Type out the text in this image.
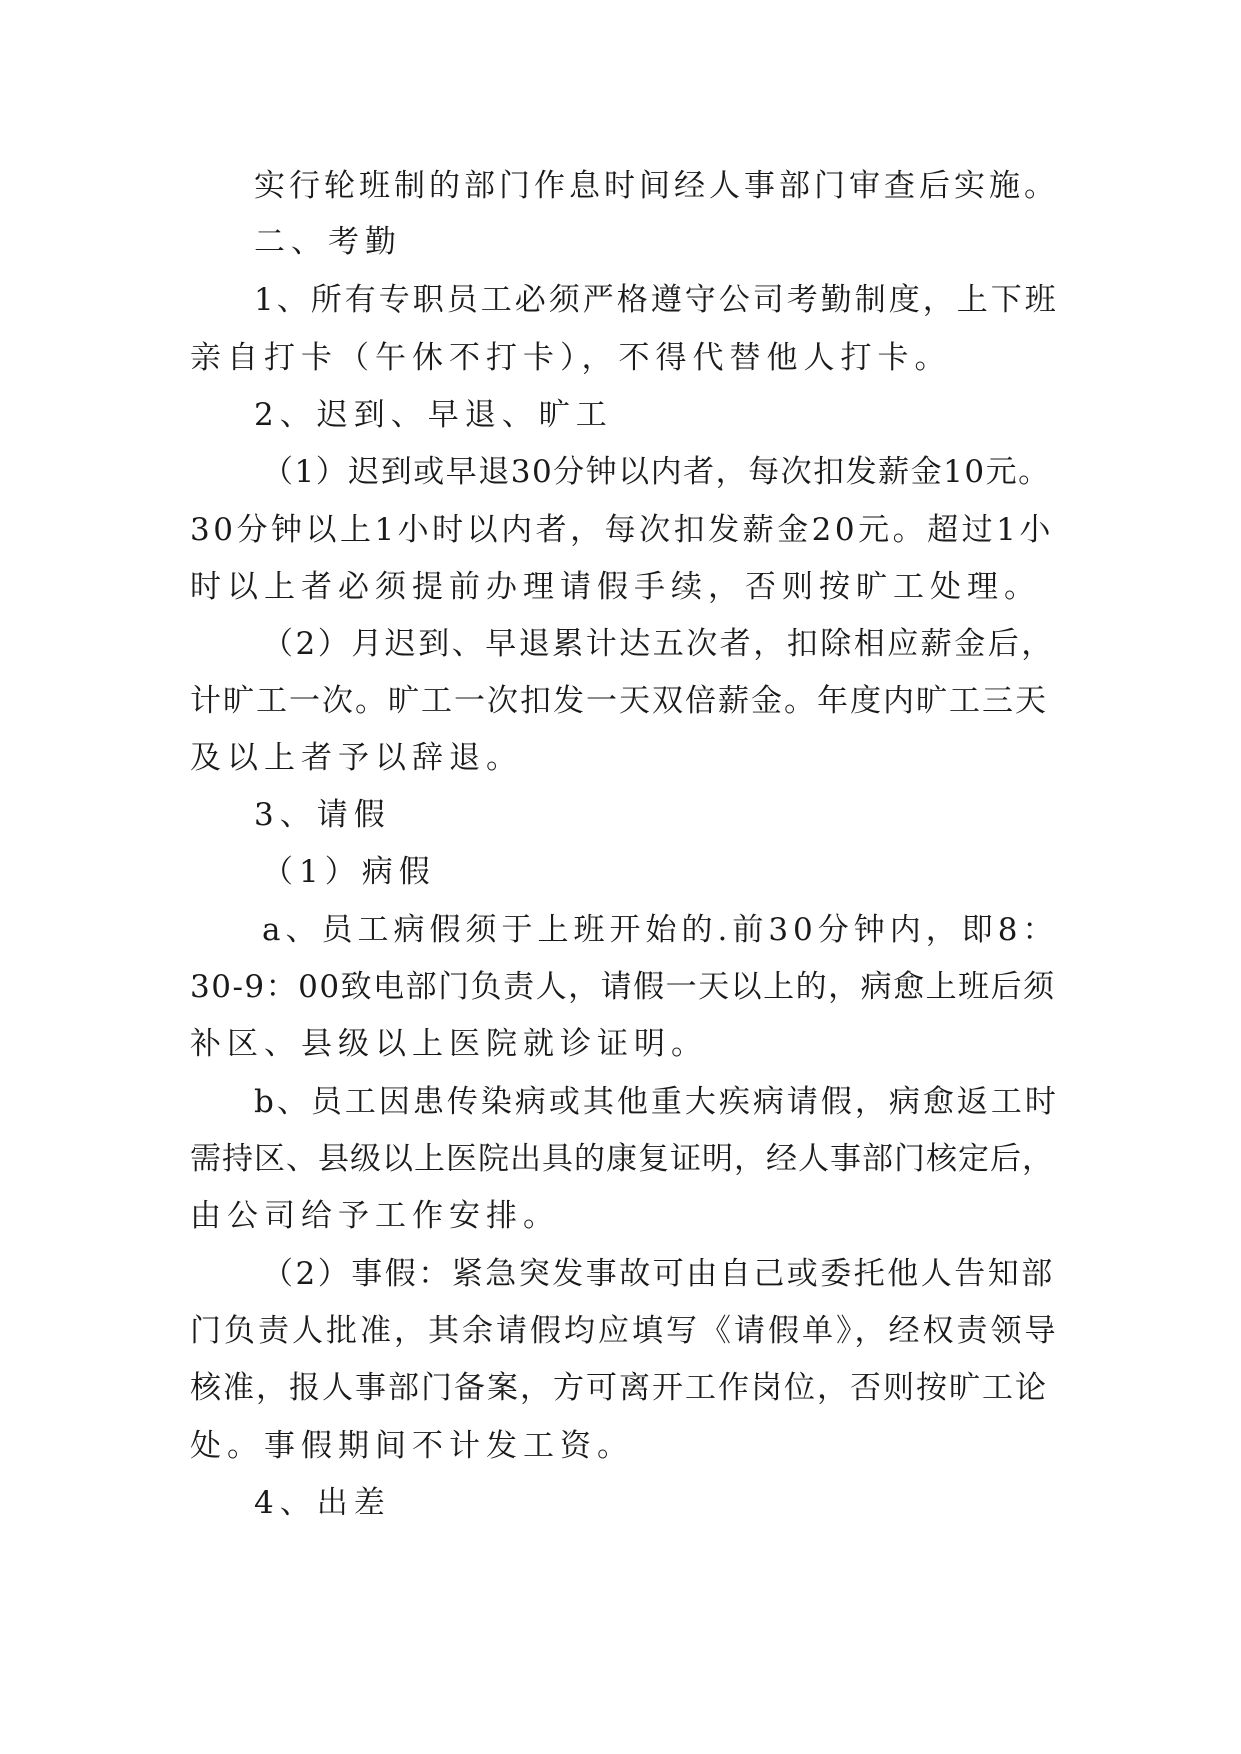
实行轮班制的部门作息时间经人事部门审查后实施。

二、考勤

1、所有专职员工必须严格遵守公司考勤制度，上下班

亲自打卡（午休不打卡），不得代替他人打卡。

2、迟到、早退、旷工

（1）迟到或早退30分钟以内者，每次扣发薪金10元。

30分钟以上1小时以内者，每次扣发薪金20元。超过1小

时以上者必须提前办理请假手续，否则按旷工处理。

（2）月迟到、早退累计达五次者，扣除相应薪金后，

计旷工一次。旷工一次扣发一天双倍薪金。年度内旷工三天

及以上者予以辞退。

3、请假

（1）病假

a、员工病假须于上班开始的.前30分钟内，即8：

30-9：00致电部门负责人，请假一天以上的，病愈上班后须

补区、县级以上医院就诊证明。

b、员工因患传染病或其他重大疾病请假，病愈返工时

需持区、县级以上医院出具的康复证明，经人事部门核定后，

由公司给予工作安排。

（2）事假：紧急突发事故可由自己或委托他人告知部

门负责人批准，其余请假均应填写《请假单》，经权责领导

核准，报人事部门备案，方可离开工作岗位，否则按旷工论

处。事假期间不计发工资。

4、出差
